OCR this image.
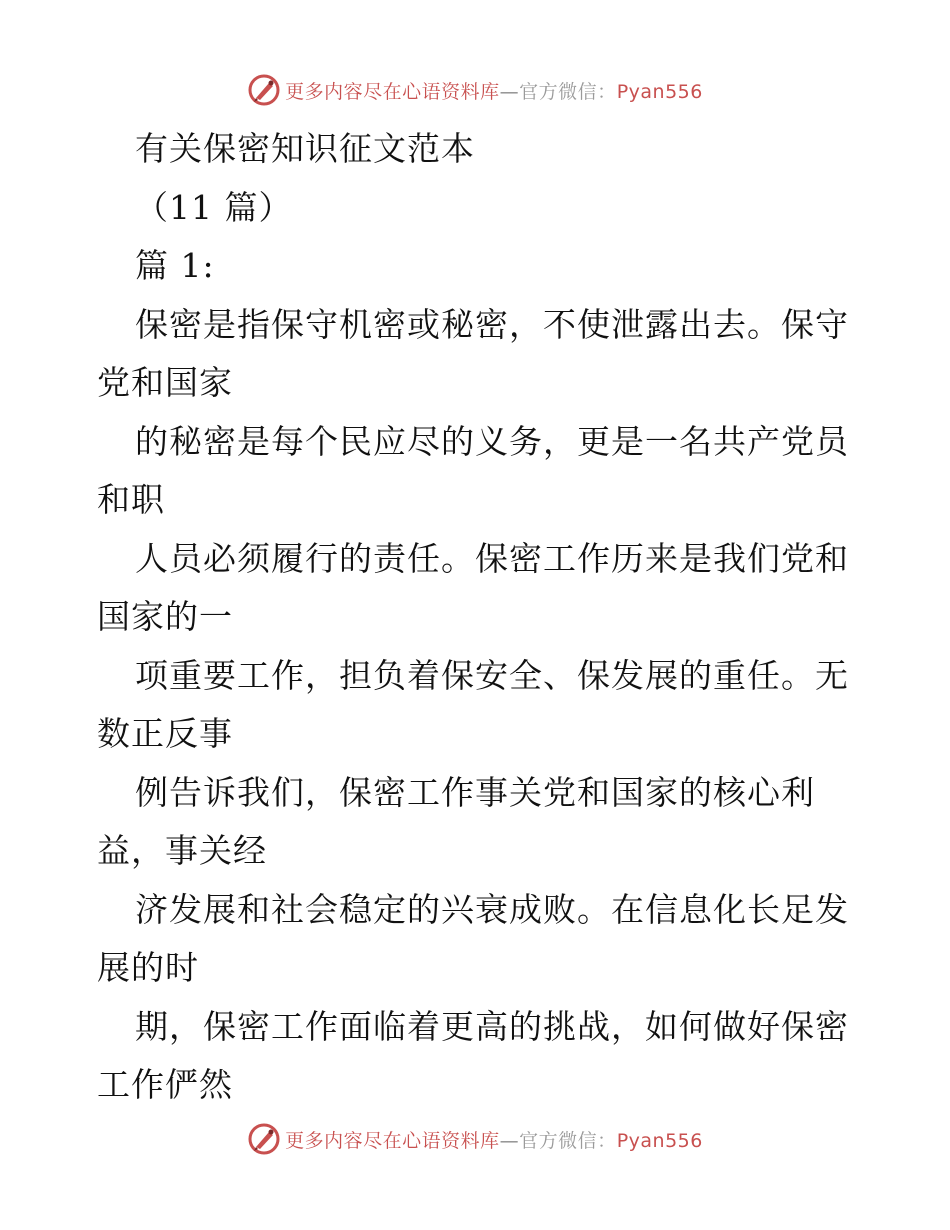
更多内容尽在心语资料库—官方微信：Pyan556
有关保密知识征文范本
（11 篇）
篇 1:
保密是指保守机密或秘密，不使泄露出去。保守
党和国家
的秘密是每个民应尽的义务，更是一名共产党员
和职
人员必须履行的责任。保密工作历来是我们党和
国家的一
项重要工作，担负着保安全、保发展的重任。无
数正反事
例告诉我们，保密工作事关党和国家的核心利
益，事关经
济发展和社会稳定的兴衰成败。在信息化长足发
展的时
期，保密工作面临着更高的挑战，如何做好保密
工作俨然
更多内容尽在心语资料库—官方微信：Pyan556
